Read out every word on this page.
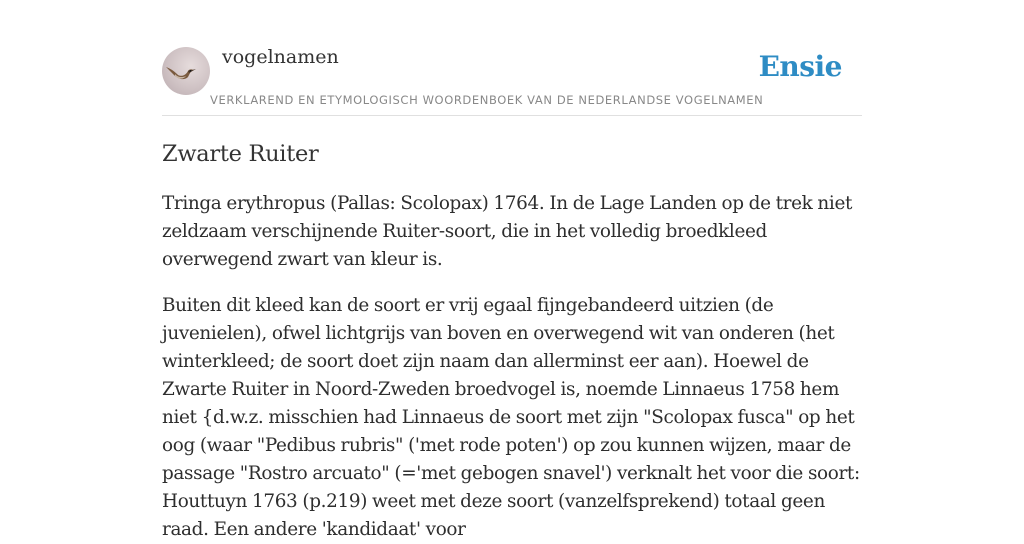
vogelnamen	Ensie
VERKLAREND EN ETYMOLOGISCH WOORDENBOEK VAN DE NEDERLANDSE VOGELNAMEN
Zwarte Ruiter

Tringa erythropus (Pallas: Scolopax) 1764. In de Lage Landen op de trek niet zeldzaam verschijnende Ruiter-soort, die in het volledig broedkleed overwegend zwart van kleur is.

Buiten dit kleed kan de soort er vrij egaal fijngebandeerd uitzien (de juvenielen), ofwel lichtgrijs van boven en overwegend wit van onderen (het winterkleed; de soort doet zijn naam dan allerminst eer aan). Hoewel de Zwarte Ruiter in Noord-Zweden broedvogel is, noemde Linnaeus 1758 hem niet {d.w.z. misschien had Linnaeus de soort met zijn "Scolopax fusca" op het oog (waar "Pedibus rubris" ('met rode poten') op zou kunnen wijzen, maar de passage "Rostro arcuato" (='met gebogen snavel') verknalt het voor die soort: Houttuyn 1763 (p.219) weet met deze soort (vanzelfsprekend) totaal geen raad. Een andere 'kandidaat' voor
